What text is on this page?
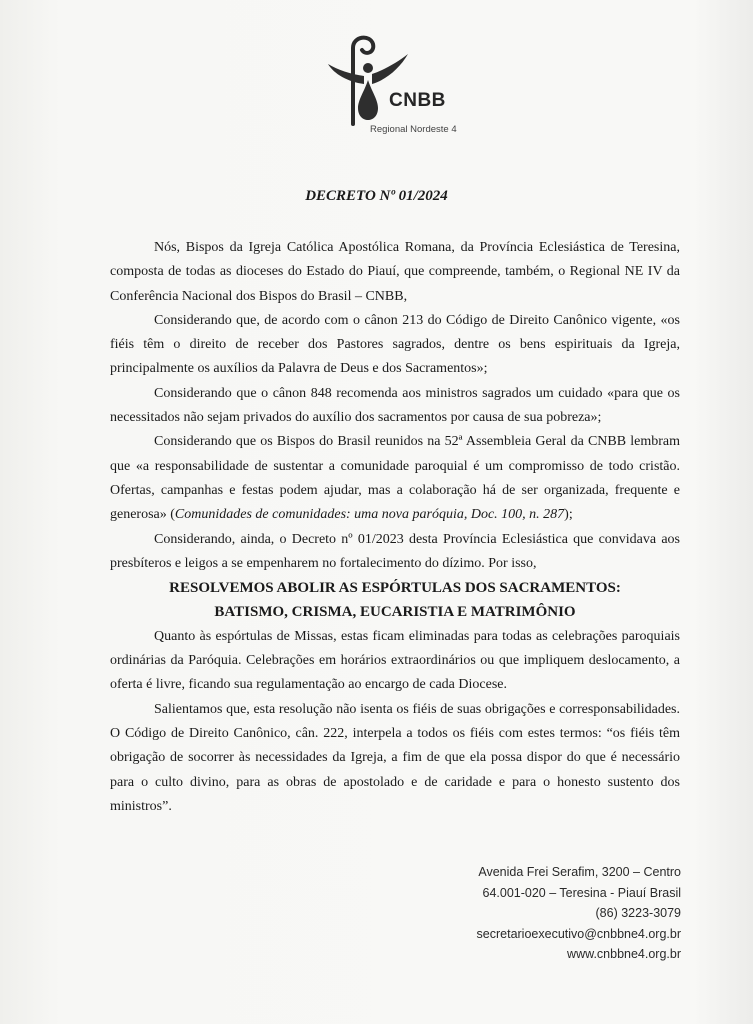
CNBB
Regional Nordeste 4
DECRETO Nº 01/2024

Nós, Bispos da Igreja Católica Apostólica Romana, da Província Eclesiástica de Teresina, composta de todas as dioceses do Estado do Piauí, que compreende, também, o Regional NE IV da Conferência Nacional dos Bispos do Brasil – CNBB,

Considerando que, de acordo com o cânon 213 do Código de Direito Canônico vigente, «os fiéis têm o direito de receber dos Pastores sagrados, dentre os bens espirituais da Igreja, principalmente os auxílios da Palavra de Deus e dos Sacramentos»;

Considerando que o cânon 848 recomenda aos ministros sagrados um cuidado «para que os necessitados não sejam privados do auxílio dos sacramentos por causa de sua pobreza»;

Considerando que os Bispos do Brasil reunidos na 52ª Assembleia Geral da CNBB lembram que «a responsabilidade de sustentar a comunidade paroquial é um compromisso de todo cristão. Ofertas, campanhas e festas podem ajudar, mas a colaboração há de ser organizada, frequente e generosa» (Comunidades de comunidades: uma nova paróquia, Doc. 100, n. 287);

Considerando, ainda, o Decreto nº 01/2023 desta Província Eclesiástica que convidava aos presbíteros e leigos a se empenharem no fortalecimento do dízimo. Por isso,

RESOLVEMOS ABOLIR AS ESPÓRTULAS DOS SACRAMENTOS:
BATISMO, CRISMA, EUCARISTIA E MATRIMÔNIO

Quanto às espórtulas de Missas, estas ficam eliminadas para todas as celebrações paroquiais ordinárias da Paróquia. Celebrações em horários extraordinários ou que impliquem deslocamento, a oferta é livre, ficando sua regulamentação ao encargo de cada Diocese.

Salientamos que, esta resolução não isenta os fiéis de suas obrigações e corresponsabilidades. O Código de Direito Canônico, cân. 222, interpela a todos os fiéis com estes termos: “os fiéis têm obrigação de socorrer às necessidades da Igreja, a fim de que ela possa dispor do que é necessário para o culto divino, para as obras de apostolado e de caridade e para o honesto sustento dos ministros”.

Avenida Frei Serafim, 3200 – Centro
64.001-020 – Teresina - Piauí Brasil
(86) 3223-3079
secretarioexecutivo@cnbbne4.org.br
www.cnbbne4.org.br
